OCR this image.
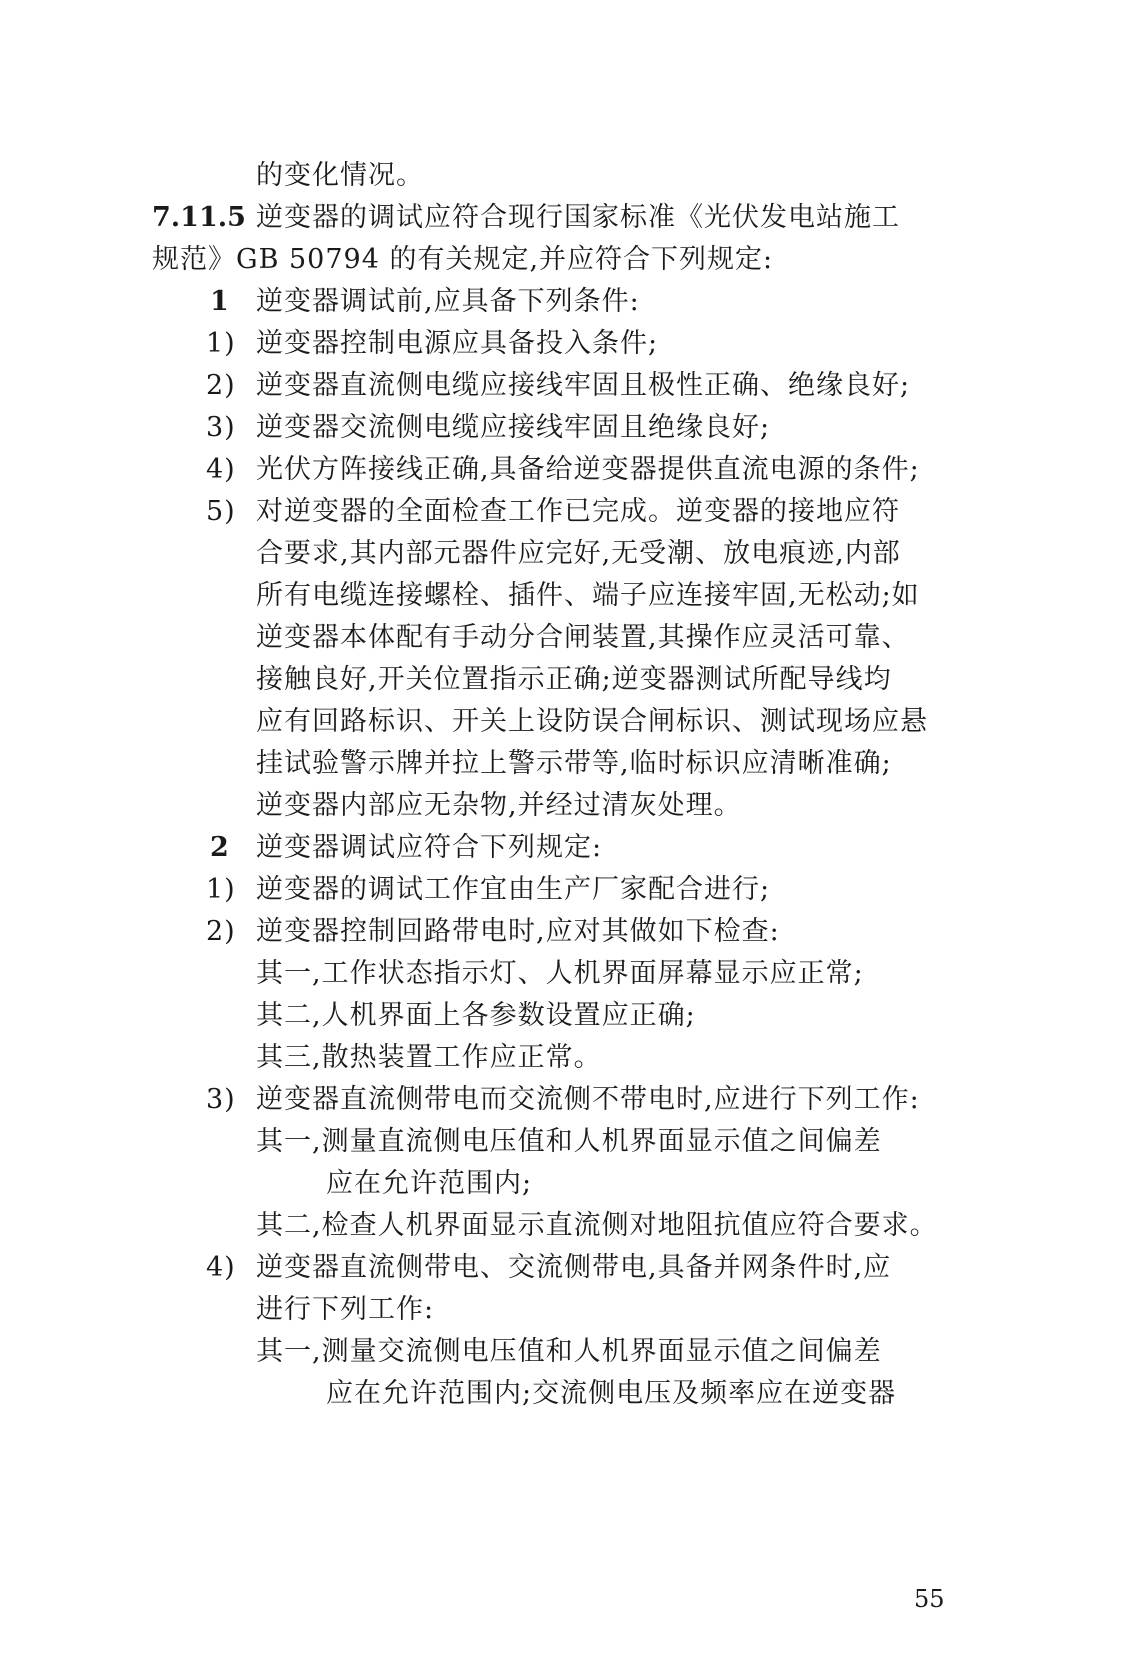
的变化情况。
7.11.5 逆变器的调试应符合现行国家标准《光伏发电站施工
规范》GB 50794 的有关规定,并应符合下列规定:
1 逆变器调试前,应具备下列条件:
1) 逆变器控制电源应具备投入条件;
2) 逆变器直流侧电缆应接线牢固且极性正确、绝缘良好;
3) 逆变器交流侧电缆应接线牢固且绝缘良好;
4) 光伏方阵接线正确,具备给逆变器提供直流电源的条件;
5) 对逆变器的全面检查工作已完成。逆变器的接地应符
合要求,其内部元器件应完好,无受潮、放电痕迹,内部
所有电缆连接螺栓、插件、端子应连接牢固,无松动;如
逆变器本体配有手动分合闸装置,其操作应灵活可靠、
接触良好,开关位置指示正确;逆变器测试所配导线均
应有回路标识、开关上设防误合闸标识、测试现场应悬
挂试验警示牌并拉上警示带等,临时标识应清晰准确;
逆变器内部应无杂物,并经过清灰处理。
2 逆变器调试应符合下列规定:
1) 逆变器的调试工作宜由生产厂家配合进行;
2) 逆变器控制回路带电时,应对其做如下检查:
其一,工作状态指示灯、人机界面屏幕显示应正常;
其二,人机界面上各参数设置应正确;
其三,散热装置工作应正常。
3) 逆变器直流侧带电而交流侧不带电时,应进行下列工作:
其一,测量直流侧电压值和人机界面显示值之间偏差
应在允许范围内;
其二,检查人机界面显示直流侧对地阻抗值应符合要求。
4) 逆变器直流侧带电、交流侧带电,具备并网条件时,应
进行下列工作:
其一,测量交流侧电压值和人机界面显示值之间偏差
应在允许范围内;交流侧电压及频率应在逆变器
55
